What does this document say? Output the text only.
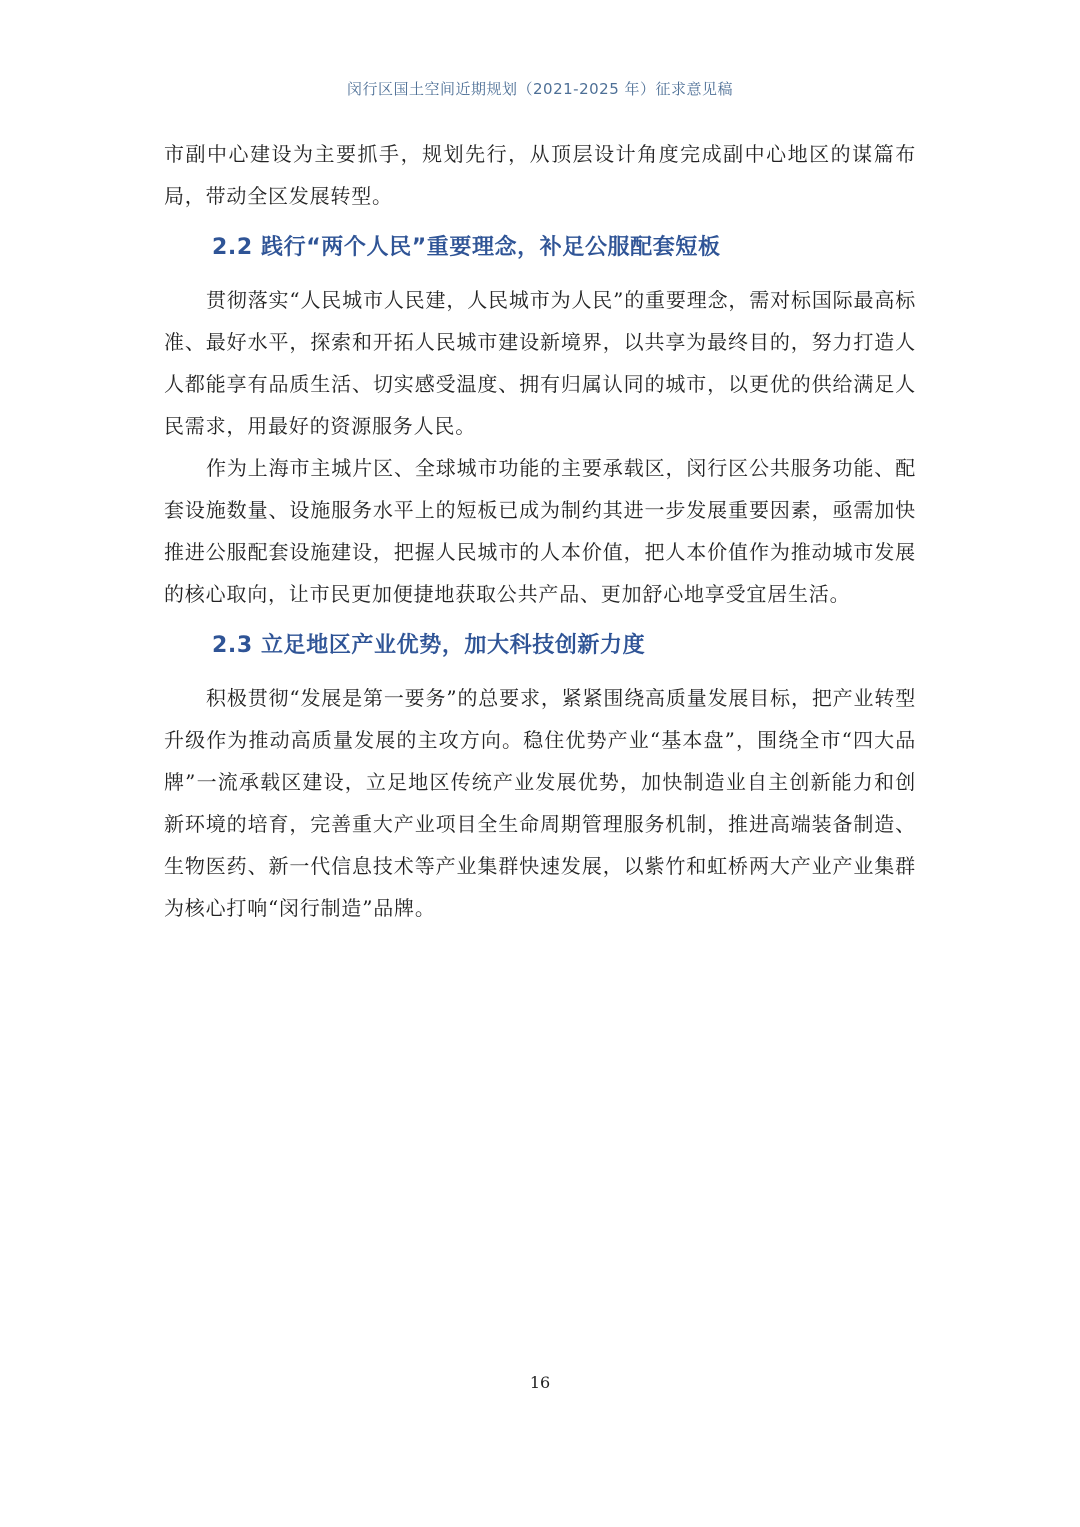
闵行区国土空间近期规划（2021-2025 年）征求意见稿

市副中心建设为主要抓手，规划先行，从顶层设计角度完成副中心地区的谋篇布局，带动全区发展转型。

2.2 践行“两个人民”重要理念，补足公服配套短板

贯彻落实“人民城市人民建，人民城市为人民”的重要理念，需对标国际最高标准、最好水平，探索和开拓人民城市建设新境界，以共享为最终目的，努力打造人人都能享有品质生活、切实感受温度、拥有归属认同的城市，以更优的供给满足人民需求，用最好的资源服务人民。

作为上海市主城片区、全球城市功能的主要承载区，闵行区公共服务功能、配套设施数量、设施服务水平上的短板已成为制约其进一步发展重要因素，亟需加快推进公服配套设施建设，把握人民城市的人本价值，把人本价值作为推动城市发展的核心取向，让市民更加便捷地获取公共产品、更加舒心地享受宜居生活。

2.3 立足地区产业优势，加大科技创新力度

积极贯彻“发展是第一要务”的总要求，紧紧围绕高质量发展目标，把产业转型升级作为推动高质量发展的主攻方向。稳住优势产业“基本盘”，围绕全市“四大品牌”一流承载区建设，立足地区传统产业发展优势，加快制造业自主创新能力和创新环境的培育，完善重大产业项目全生命周期管理服务机制，推进高端装备制造、生物医药、新一代信息技术等产业集群快速发展，以紫竹和虹桥两大产业产业集群为核心打响“闵行制造”品牌。

16
